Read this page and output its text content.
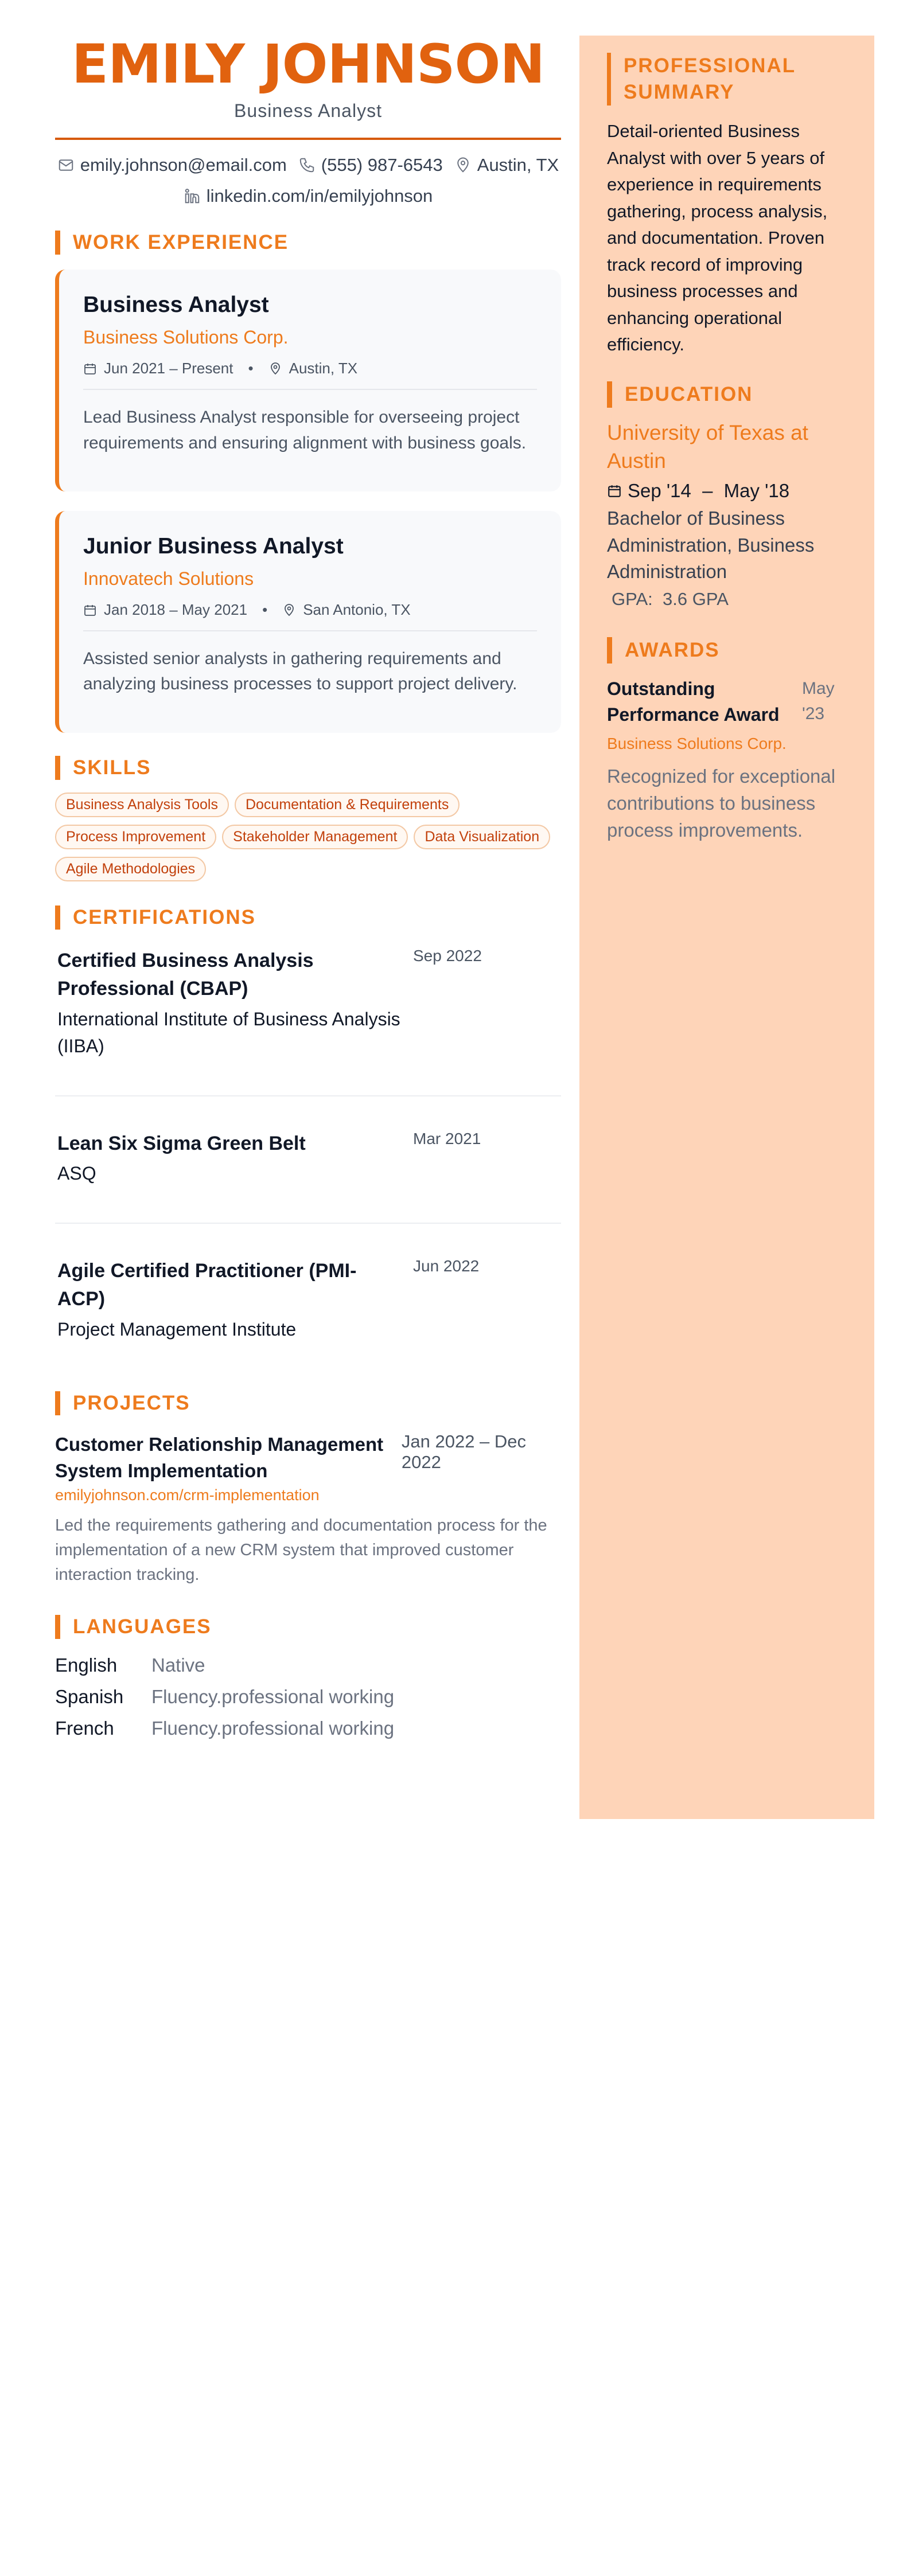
EMILY JOHNSON
Business Analyst
emily.johnson@email.com (555) 987-6543 Austin, TX
linkedin.com/in/emilyjohnson
WORK EXPERIENCE
Business Analyst
Business Solutions Corp.
Jun 2021 – Present • Austin, TX
Lead Business Analyst responsible for overseeing project requirements and ensuring alignment with business goals.
Junior Business Analyst
Innovatech Solutions
Jan 2018 – May 2021 • San Antonio, TX
Assisted senior analysts in gathering requirements and analyzing business processes to support project delivery.
SKILLS
Business Analysis Tools	Documentation & Requirements
Process Improvement	Stakeholder Management	Data Visualization
Agile Methodologies
CERTIFICATIONS
Certified Business Analysis Professional (CBAP)
International Institute of Business Analysis (IIBA)
Sep 2022
Lean Six Sigma Green Belt
ASQ
Mar 2021
Agile Certified Practitioner (PMI-ACP)
Project Management Institute
Jun 2022
PROJECTS
Customer Relationship Management System Implementation
Jan 2022 – Dec 2022
emilyjohnson.com/crm-implementation
Led the requirements gathering and documentation process for the implementation of a new CRM system that improved customer interaction tracking.
LANGUAGES
English	Native
Spanish	Fluency.professional working
French	Fluency.professional working
PROFESSIONAL SUMMARY
Detail-oriented Business Analyst with over 5 years of experience in requirements gathering, process analysis, and documentation. Proven track record of improving business processes and enhancing operational efficiency.
EDUCATION
University of Texas at Austin
Sep '14 – May '18
Bachelor of Business Administration, Business Administration
GPA: 3.6 GPA
AWARDS
Outstanding Performance Award
May '23
Business Solutions Corp.
Recognized for exceptional contributions to business process improvements.
